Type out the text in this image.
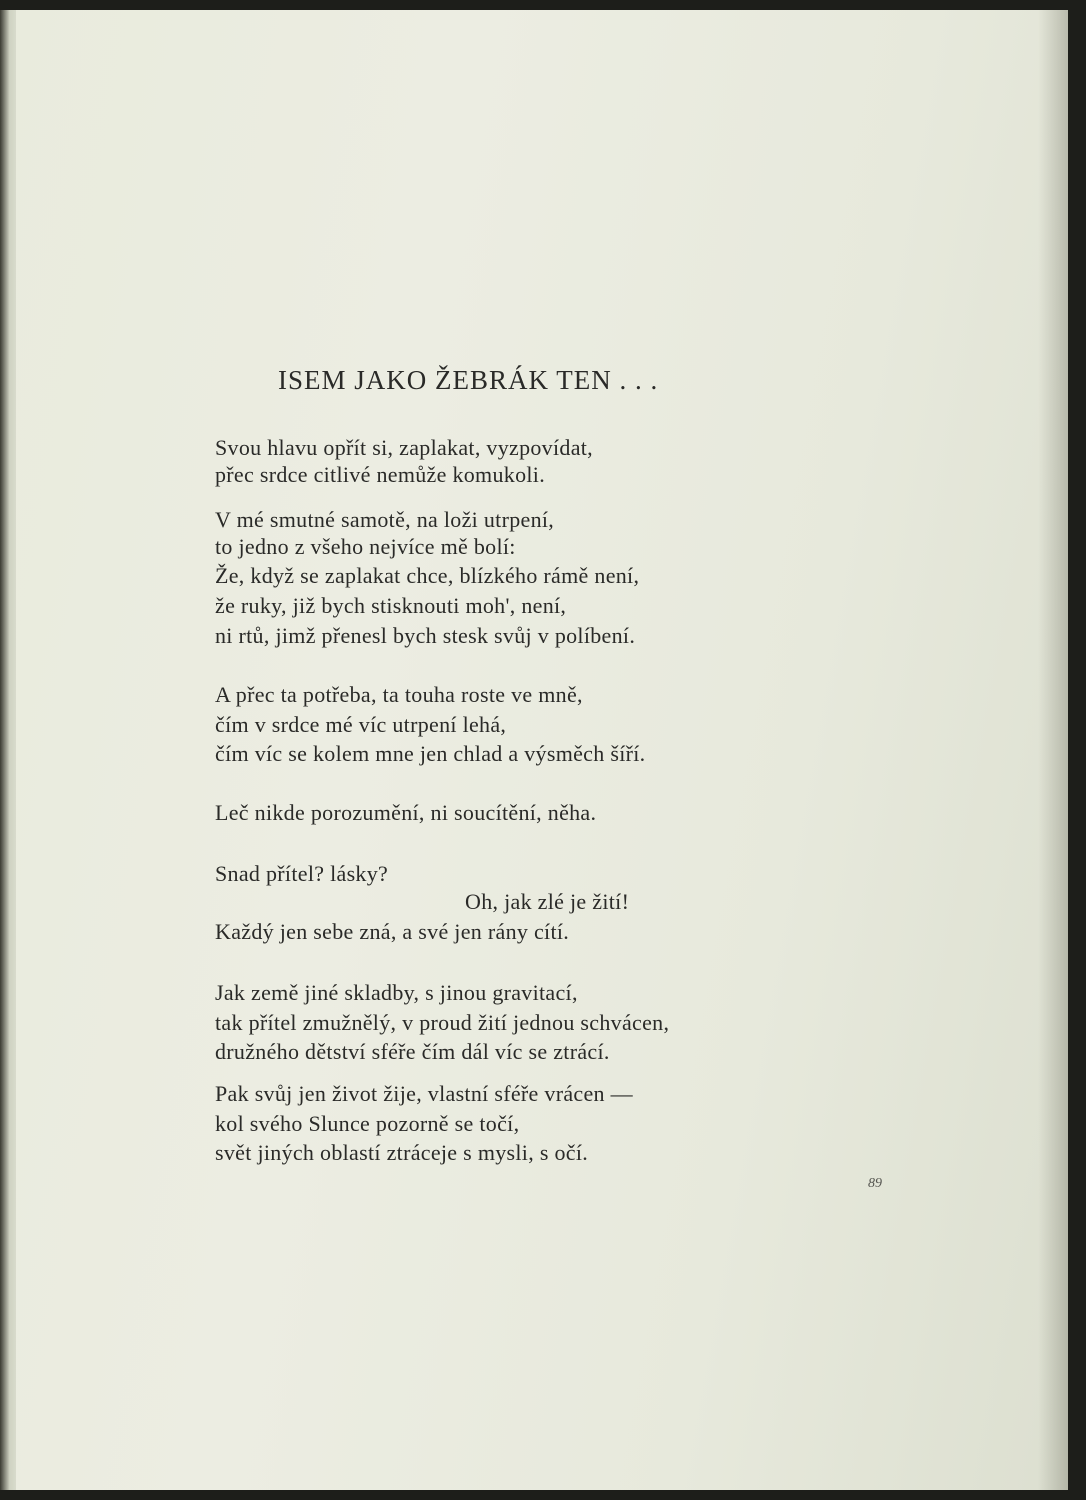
ISEM JAKO ŽEBRÁK TEN . . .
Svou hlavu opřít si, zaplakat, vyzpovídat,
přec srdce citlivé nemůže komukoli.
V mé smutné samotě, na loži utrpení,
to jedno z všeho nejvíce mě bolí:
Že, když se zaplakat chce, blízkého rámě není,
že ruky, již bych stisknouti moh', není,
ni rtů, jimž přenesl bych stesk svůj v políbení.
A přec ta potřeba, ta touha roste ve mně,
čím v srdce mé víc utrpení lehá,
čím víc se kolem mne jen chlad a výsměch šíří.
Leč nikde porozumění, ni soucítění, něha.
Snad přítel? lásky?
Oh, jak zlé je žití!
Každý jen sebe zná, a své jen rány cítí.
Jak země jiné skladby, s jinou gravitací,
tak přítel zmužnělý, v proud žití jednou schvácen,
družného dětství sféře čím dál víc se ztrácí.
Pak svůj jen život žije, vlastní sféře vrácen —
kol svého Slunce pozorně se točí,
svět jiných oblastí ztráceje s mysli, s očí.
89
